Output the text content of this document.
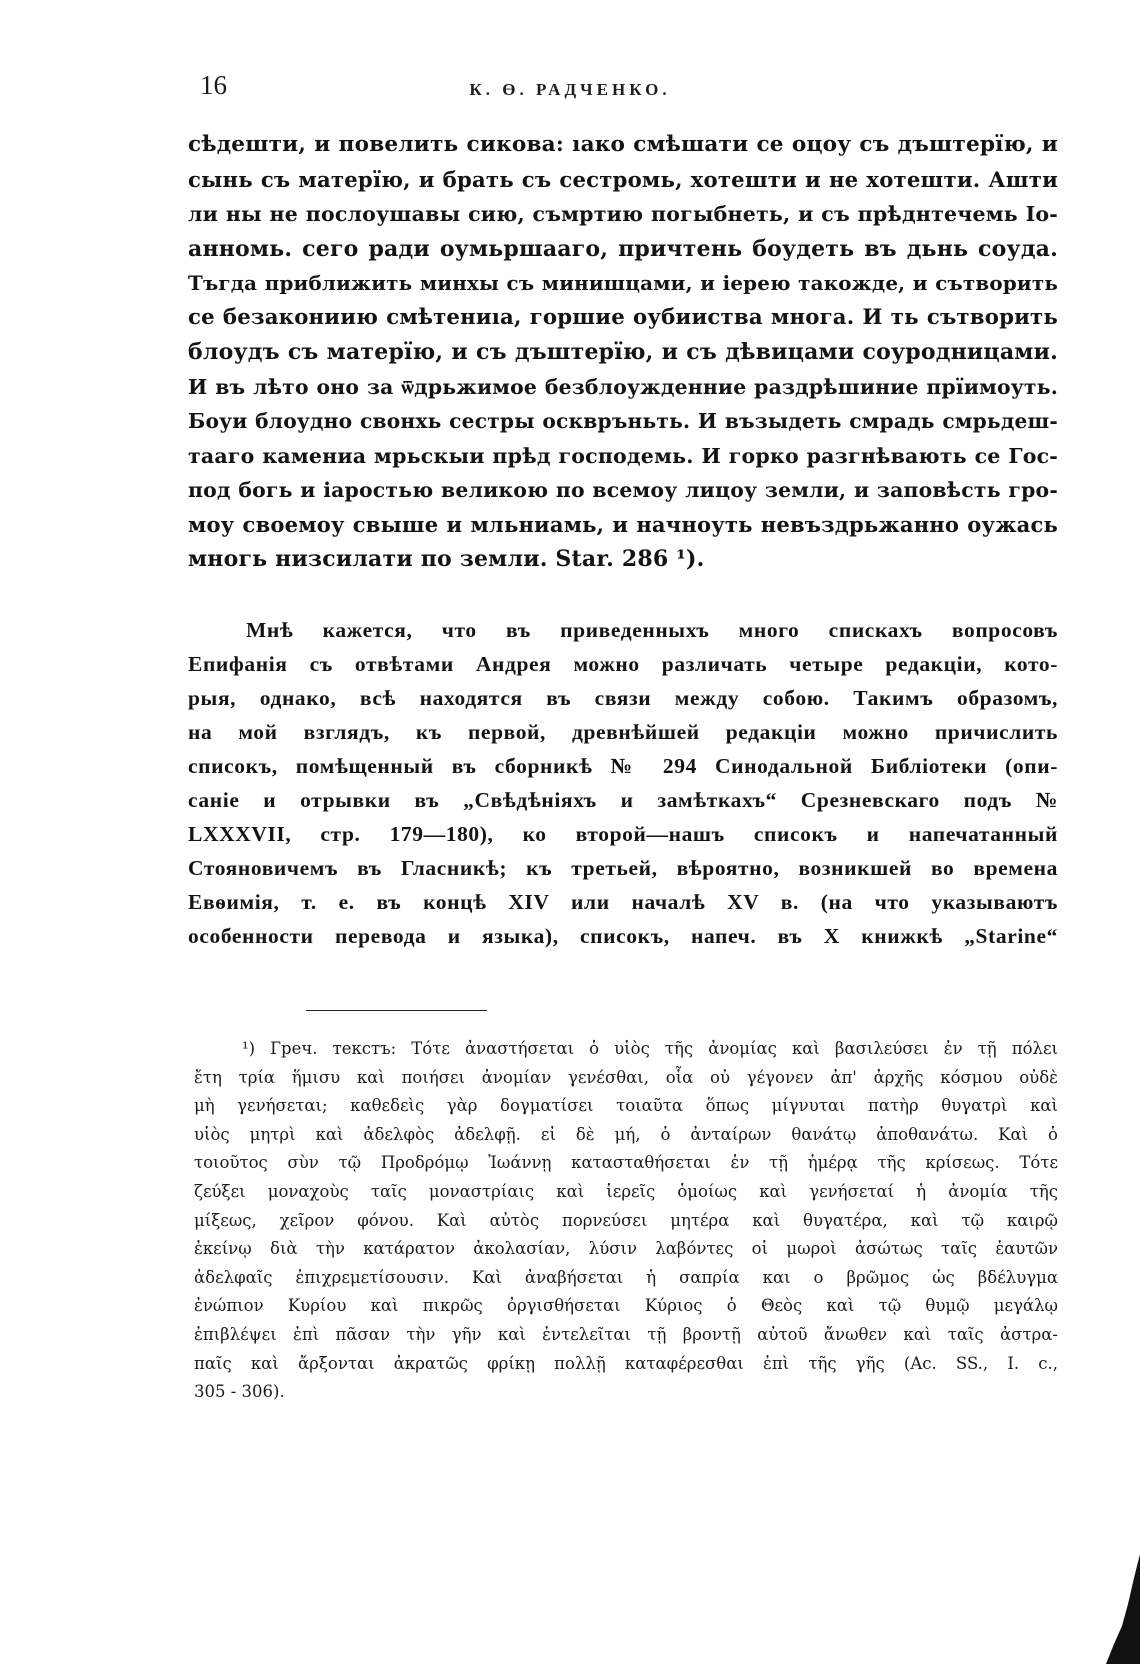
16	К. Ө. РАДЧЕНКО.
сѣдешти, и повелить сикова: ıако смѣшати се оцоу съ дъштерїю, и
сынь съ матерїю, и брать съ сестромь, хотешти и не хотешти. Ашти
ли ны не послоушавы сию, съмртию погыбнеть, и съ прѣднтечемь Іо-
анномь. сего ради оумьршааго, причтень боудеть въ дьнь соуда.
Тъгда приближить минхы съ минишцами, и іерею такожде, и сътворить
се безакониию смѣтениıа, горшие оубииства многа. И ть сътворить
блоудъ съ матерїю, и съ дъштерїю, и съ дѣвицами соуродницами.
И въ лѣто оно за ѿдрьжимое безблоужденние раздрѣшиние прїимоуть.
Боуи блоудно свонхь сестры осквръньть. И възыдеть смрадь смрьдеш-
тааго камениа мрьскыи прѣд господемь. И горко разгнѣвають се Гос-
под богь и іаростью великою по всемоу лицоу земли, и заповѣсть гро-
моу своемоу свыше и мльниамь, и начноуть невъздрьжанно оужась
многь низсилати по земли. Star. 286 ¹).
Мнѣ кажется, что въ приведенныхъ много спискахъ вопросовъ
Епифанія съ отвѣтами Андрея можно различать четыре редакціи, кото-
рыя, однако, всѣ находятся въ связи между собою. Такимъ образомъ,
на мой взглядъ, къ первой, древнѣйшей редакціи можно причислить
списокъ, помѣщенный въ сборникѣ № 294 Синодальной Библіотеки (опи-
саніе и отрывки въ „Свѣдѣніяхъ и замѣткахъ“ Срезневскаго подъ №
LXXXVII, стр. 179—180), ко второй—нашъ списокъ и напечатанный
Стояновичемъ въ Гласникѣ; къ третьей, вѣроятно, возникшей во времена
Евѳимія, т. е. въ концѣ XIV или началѣ XV в. (на что указываютъ
особенности перевода и языка), списокъ, напеч. въ X книжкѣ „Starine“
¹) Греч. текстъ: Τότε ἀναστήσεται ὁ υἱὸς τῆς ἀνομίας καὶ βασιλεύσει ἐν τῇ πόλει
ἔτη τρία ἥμισυ καὶ ποιήσει ἀνομίαν γενέσθαι, οἷα οὐ γέγονεν ἀπ' ἀρχῆς κόσμου οὐδὲ
μὴ γενήσεται; καθεδεὶς γὰρ δογματίσει τοιαῦτα ὅπως μίγνυται πατὴρ θυγατρὶ καὶ
υἱὸς μητρὶ καὶ ἀδελφὸς ἀδελφῇ. εἰ δὲ μή, ὁ ἀνταίρων θανάτῳ ἀποθανάτω. Καὶ ὁ
τοιοῦτος σὺν τῷ Προδρόμῳ Ἰωάννῃ κατασταθήσεται ἐν τῇ ἡμέρᾳ τῆς κρίσεως. Τότε
ζεύξει μοναχοὺς ταῖς μοναστρίαις καὶ ἱερεῖς ὁμοίως καὶ γενήσεταί ἡ ἀνομία τῆς
μίξεως, χεῖρον φόνου. Καὶ αὐτὸς πορνεύσει μητέρα καὶ θυγατέρα, καὶ τῷ καιρῷ
ἐκείνῳ διὰ τὴν κατάρατον ἀκολασίαν, λύσιν λαβόντες οἱ μωροὶ ἀσώτως ταῖς ἑαυτῶν
ἀδελφαῖς ἐπιχρεμετίσουσιν. Καὶ ἀναβήσεται ἡ σαπρία και ο βρῶμος ὡς βδέλυγμα
ἐνώπιον Κυρίου καὶ πικρῶς ὀργισθήσεται Κύριος ὁ Θεὸς καὶ τῷ θυμῷ μεγάλῳ
ἐπιβλέψει ἐπὶ πᾶσαν τὴν γῆν καὶ ἐντελεῖται τῇ βροντῇ αὐτοῦ ἄνωθεν καὶ ταῖς ἀστρα-
παῖς καὶ ἄρξονται ἀκρατῶς φρίκῃ πολλῇ καταφέρεσθαι ἐπὶ τῆς γῆς (Ac. SS., I. c.,
305 - 306).
